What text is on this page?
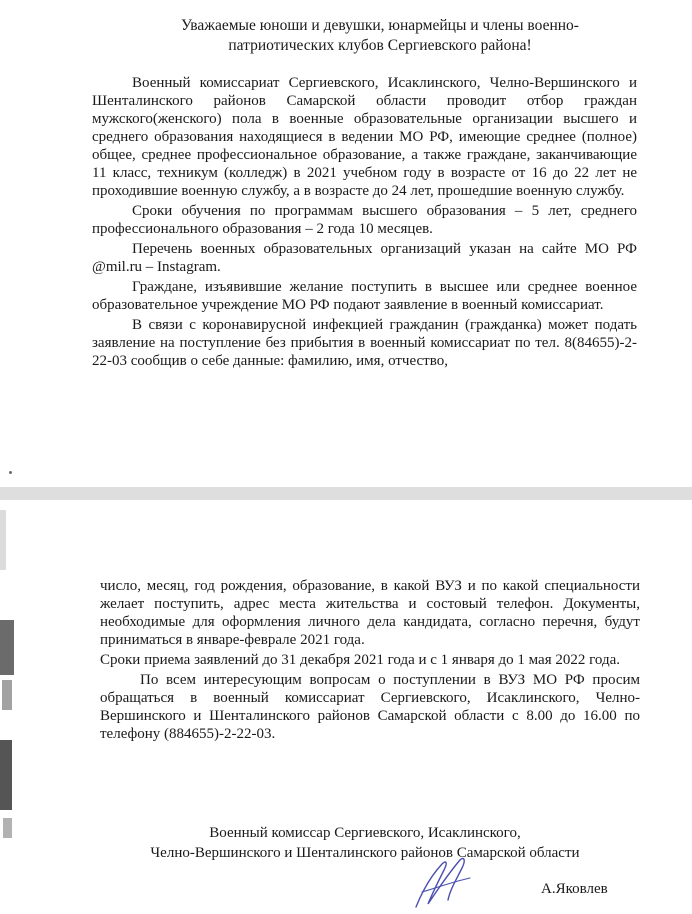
Уважаемые юноши и девушки, юнармейцы и члены военно-
патриотических клубов Сергиевского района!

Военный комиссариат Сергиевского, Исаклинского, Челно-Вершинского и Шенталинского районов Самарской области проводит отбор граждан мужского(женского) пола в военные образовательные организации высшего и среднего образования находящиеся в ведении МО РФ, имеющие среднее (полное) общее, среднее профессиональное образование, а также граждане, заканчивающие 11 класс, техникум (колледж) в 2021 учебном году в возрасте от 16 до 22 лет не проходившие военную службу, а в возрасте до 24 лет, прошедшие военную службу.

Сроки обучения по программам высшего образования – 5 лет, среднего профессионального образования – 2 года 10 месяцев.

Перечень военных образовательных организаций указан на сайте МО РФ @mil.ru – Instagram.

Граждане, изъявившие желание поступить в высшее или среднее военное образовательное учреждение МО РФ подают заявление в военный комиссариат.

В связи с коронавирусной инфекцией гражданин (гражданка) может подать заявление на поступление без прибытия в военный комиссариат по тел. 8(84655)-2-22-03 сообщив о себе данные: фамилию, имя, отчество,

число, месяц, год рождения, образование, в какой ВУЗ и по какой специальности желает поступить, адрес места жительства и состовый телефон. Документы, необходимые для оформления личного дела кандидата, согласно перечня, будут приниматься в январе-феврале 2021 года.

Сроки приема заявлений до 31 декабря 2021 года и с 1 января до 1 мая 2022 года.

По всем интересующим вопросам о поступлении в ВУЗ МО РФ просим обращаться в военный комиссариат Сергиевского, Исаклинского, Челно-Вершинского и Шенталинского районов Самарской области с 8.00 до 16.00 по телефону (884655)-2-22-03.

Военный комиссар Сергиевского, Исаклинского,
Челно-Вершинского и Шенталинского районов Самарской области
А.Яковлев
